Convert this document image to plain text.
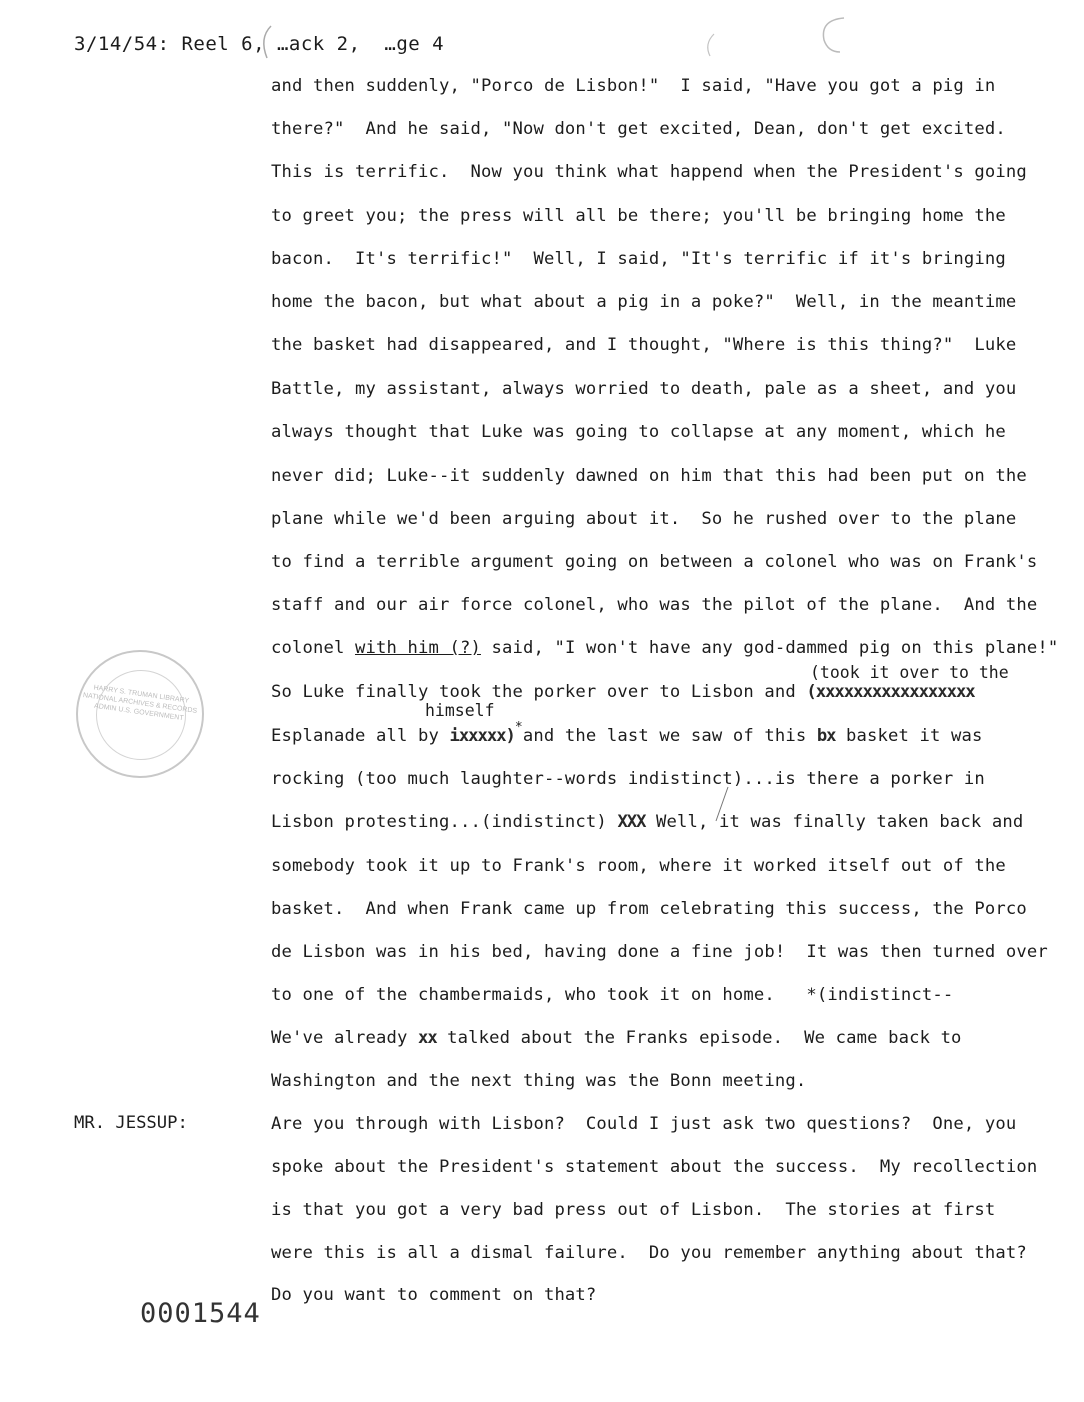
3/14/54: Reel 6, …ack 2,  …ge 4
and then suddenly, "Porco de Lisbon!"  I said, "Have you got a pig in
there?"  And he said, "Now don't get excited, Dean, don't get excited.
This is terrific.  Now you think what happend when the President's going
to greet you; the press will all be there; you'll be bringing home the
bacon.  It's terrific!"  Well, I said, "It's terrific if it's bringing
home the bacon, but what about a pig in a poke?"  Well, in the meantime
the basket had disappeared, and I thought, "Where is this thing?"  Luke
Battle, my assistant, always worried to death, pale as a sheet, and you
always thought that Luke was going to collapse at any moment, which he
never did; Luke--it suddenly dawned on him that this had been put on the
plane while we'd been arguing about it.  So he rushed over to the plane
to find a terrible argument going on between a colonel who was on Frank's
staff and our air force colonel, who was the pilot of the plane.  And the
colonel with him (?) said, "I won't have any god-dammed pig on this plane!"
(took it over to the
So Luke finally took the porker over to Lisbon and (xxxxxxxxxxxxxxxxx
himself
Esplanade all by ixxxxx)*and the last we saw of this bx basket it was
rocking (too much laughter--words indistinct)...is there a porker in
Lisbon protesting...(indistinct) XXX Well, it was finally taken back and
somebody took it up to Frank's room, where it worked itself out of the
basket.  And when Frank came up from celebrating this success, the Porco
de Lisbon was in his bed, having done a fine job!  It was then turned over
to one of the chambermaids, who took it on home.   *(indistinct--
We've already xx talked about the Franks episode.  We came back to
Washington and the next thing was the Bonn meeting.
MR. JESSUP:	Are you through with Lisbon?  Could I just ask two questions?  One, you
spoke about the President's statement about the success.  My recollection
is that you got a very bad press out of Lisbon.  The stories at first
were this is all a dismal failure.  Do you remember anything about that?
Do you want to comment on that?
HARRY S. TRUMAN LIBRARY NATIONAL ARCHIVES & RECORDS ADMIN U.S. GOVERNMENT
0001544
